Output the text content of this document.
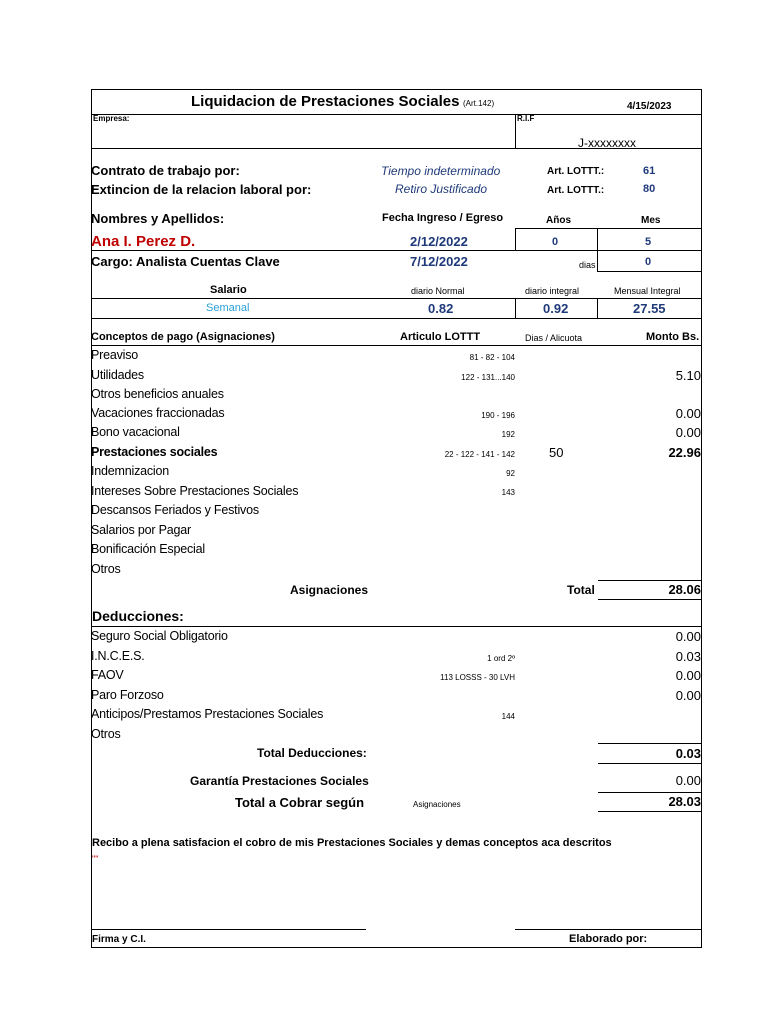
Liquidacion de Prestaciones Sociales (Art.142)	4/15/2023
Empresa:	R.I.F
J-xxxxxxxx
Contrato de trabajo por:	Tiempo indeterminado	Art. LOTTT.:	61
Extincion de la relacion laboral por:	Retiro Justificado	Art. LOTTT.:	80
Nombres y Apellidos:	Fecha Ingreso / Egreso	Años	Mes
Ana I. Perez D.	2/12/2022	0	5
Cargo: Analista Cuentas Clave	7/12/2022	dias	0
Salario	diario Normal	diario integral	Mensual Integral
Semanal	0.82	0.92	27.55
Conceptos de pago (Asignaciones)	Articulo LOTTT	Dias / Alicuota	Monto Bs.
Preaviso	81 - 82 - 104
Utilidades	122 - 131...140	5.10
Otros beneficios anuales
Vacaciones fraccionadas	190 - 196	0.00
Bono vacacional	192	0.00
Prestaciones sociales	22 - 122 - 141 - 142	50	22.96
Indemnizacion	92
Intereses Sobre Prestaciones Sociales	143
Descansos Feriados y Festivos
Salarios por Pagar
Bonificación Especial
Otros
Asignaciones	Total	28.06
Deducciones:
Seguro Social Obligatorio	0.00
I.N.C.E.S.	1 ord 2º	0.03
FAOV	113 LOSSS - 30 LVH	0.00
Paro Forzoso	0.00
Anticipos/Prestamos Prestaciones Sociales	144
Otros
Total Deducciones:	0.03
Garantía Prestaciones Sociales	0.00
Total a Cobrar según	Asignaciones	28.03
Recibo a plena satisfacion el cobro de mis Prestaciones Sociales y demas conceptos aca descritos
""
Firma y C.I.	Elaborado por:
